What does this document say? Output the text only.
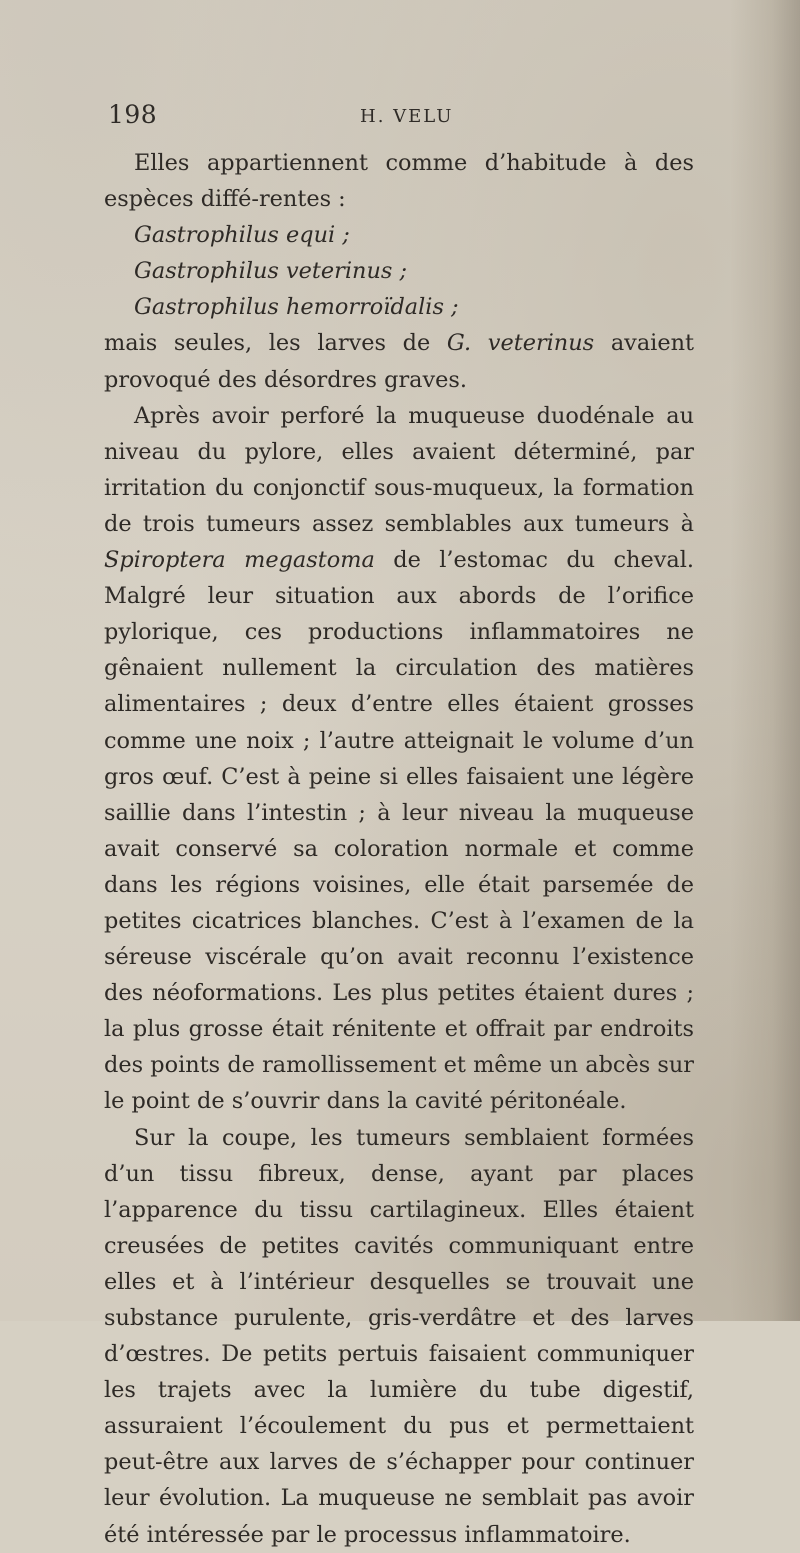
198	H. VELU

Elles appartiennent comme d’habitude à des espèces diffé-rentes :

Gastrophilus equi ;

Gastrophilus veterinus ;

Gastrophilus hemorroïdalis ;

mais seules, les larves de G. veterinus avaient provoqué des désordres graves.

Après avoir perforé la muqueuse duodénale au niveau du pylore, elles avaient déterminé, par irritation du conjonctif sous-muqueux, la formation de trois tumeurs assez semblables aux tumeurs à Spiroptera megastoma de l’estomac du cheval. Malgré leur situation aux abords de l’orifice pylorique, ces productions inflammatoires ne gênaient nullement la circulation des matières alimentaires ; deux d’entre elles étaient grosses comme une noix ; l’autre atteignait le volume d’un gros œuf. C’est à peine si elles faisaient une légère saillie dans l’intestin ; à leur niveau la muqueuse avait conservé sa coloration normale et comme dans les régions voisines, elle était parsemée de petites cicatrices blanches. C’est à l’examen de la séreuse viscérale qu’on avait reconnu l’existence des néoformations. Les plus petites étaient dures ; la plus grosse était rénitente et offrait par endroits des points de ramollissement et même un abcès sur le point de s’ouvrir dans la cavité péritonéale.

Sur la coupe, les tumeurs semblaient formées d’un tissu fibreux, dense, ayant par places l’apparence du tissu cartilagineux. Elles étaient creusées de petites cavités communiquant entre elles et à l’intérieur desquelles se trouvait une substance purulente, gris-verdâtre et des larves d’œstres. De petits pertuis faisaient communiquer les trajets avec la lumière du tube digestif, assuraient l’écoulement du pus et permettaient peut-être aux larves de s’échapper pour continuer leur évolution. La muqueuse ne semblait pas avoir été intéressée par le processus inflammatoire.
